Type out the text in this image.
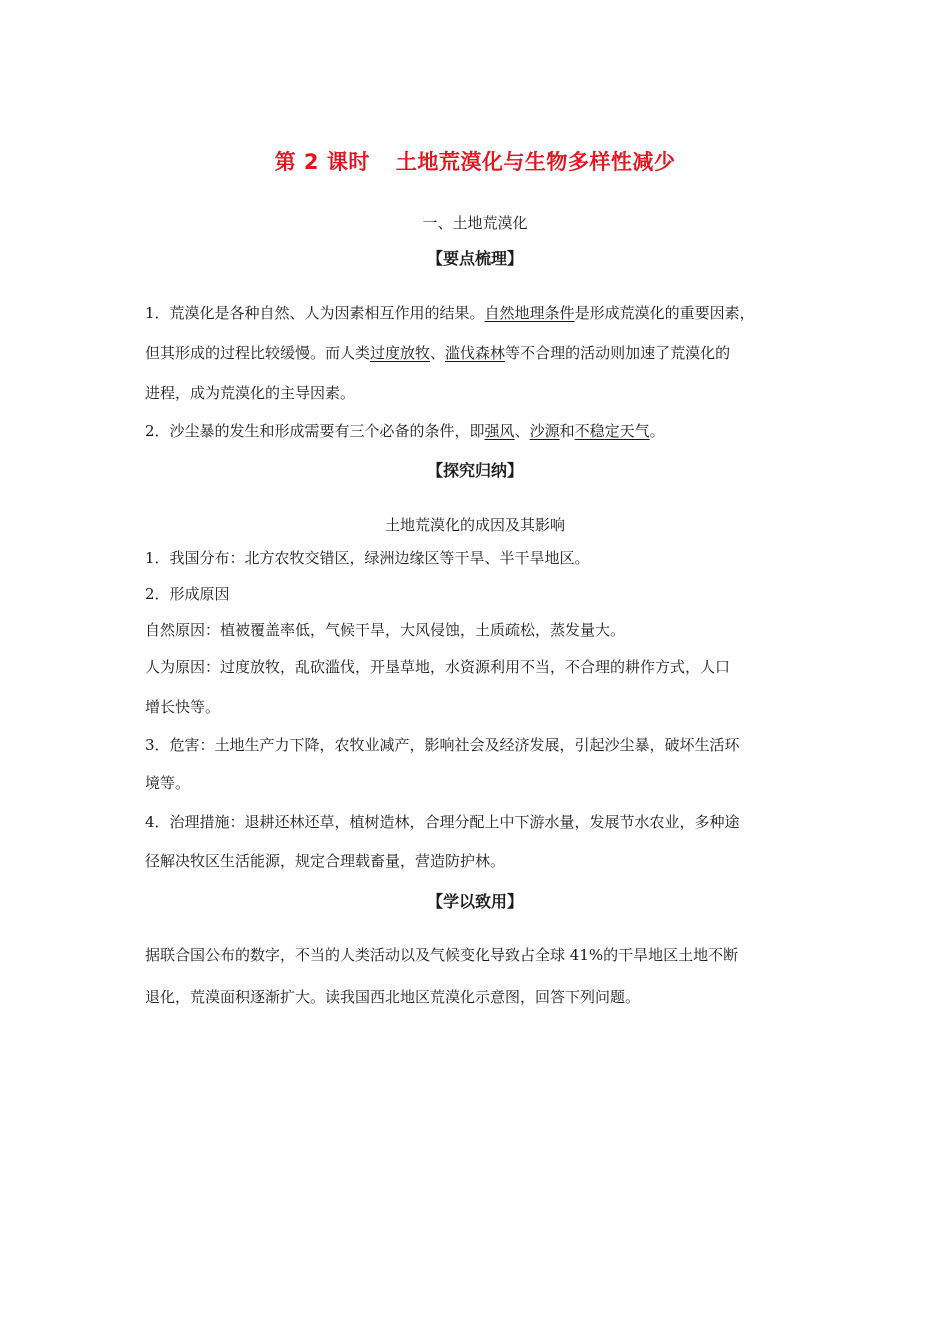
第 2 课时 土地荒漠化与生物多样性减少
一、土地荒漠化
【要点梳理】
1．荒漠化是各种自然、人为因素相互作用的结果。自然地理条件是形成荒漠化的重要因素，
但其形成的过程比较缓慢。而人类过度放牧、滥伐森林等不合理的活动则加速了荒漠化的
进程，成为荒漠化的主导因素。
2．沙尘暴的发生和形成需要有三个必备的条件，即强风、沙源和不稳定天气。
【探究归纳】
土地荒漠化的成因及其影响
1．我国分布：北方农牧交错区，绿洲边缘区等干旱、半干旱地区。
2．形成原因
自然原因：植被覆盖率低，气候干旱，大风侵蚀，土质疏松，蒸发量大。
人为原因：过度放牧，乱砍滥伐，开垦草地，水资源利用不当，不合理的耕作方式，人口
增长快等。
3．危害：土地生产力下降，农牧业减产，影响社会及经济发展，引起沙尘暴，破坏生活环
境等。
4．治理措施：退耕还林还草，植树造林，合理分配上中下游水量，发展节水农业，多种途
径解决牧区生活能源，规定合理载畜量，营造防护林。
【学以致用】
据联合国公布的数字，不当的人类活动以及气候变化导致占全球 41%的干旱地区土地不断
退化，荒漠面积逐渐扩大。读我国西北地区荒漠化示意图，回答下列问题。
